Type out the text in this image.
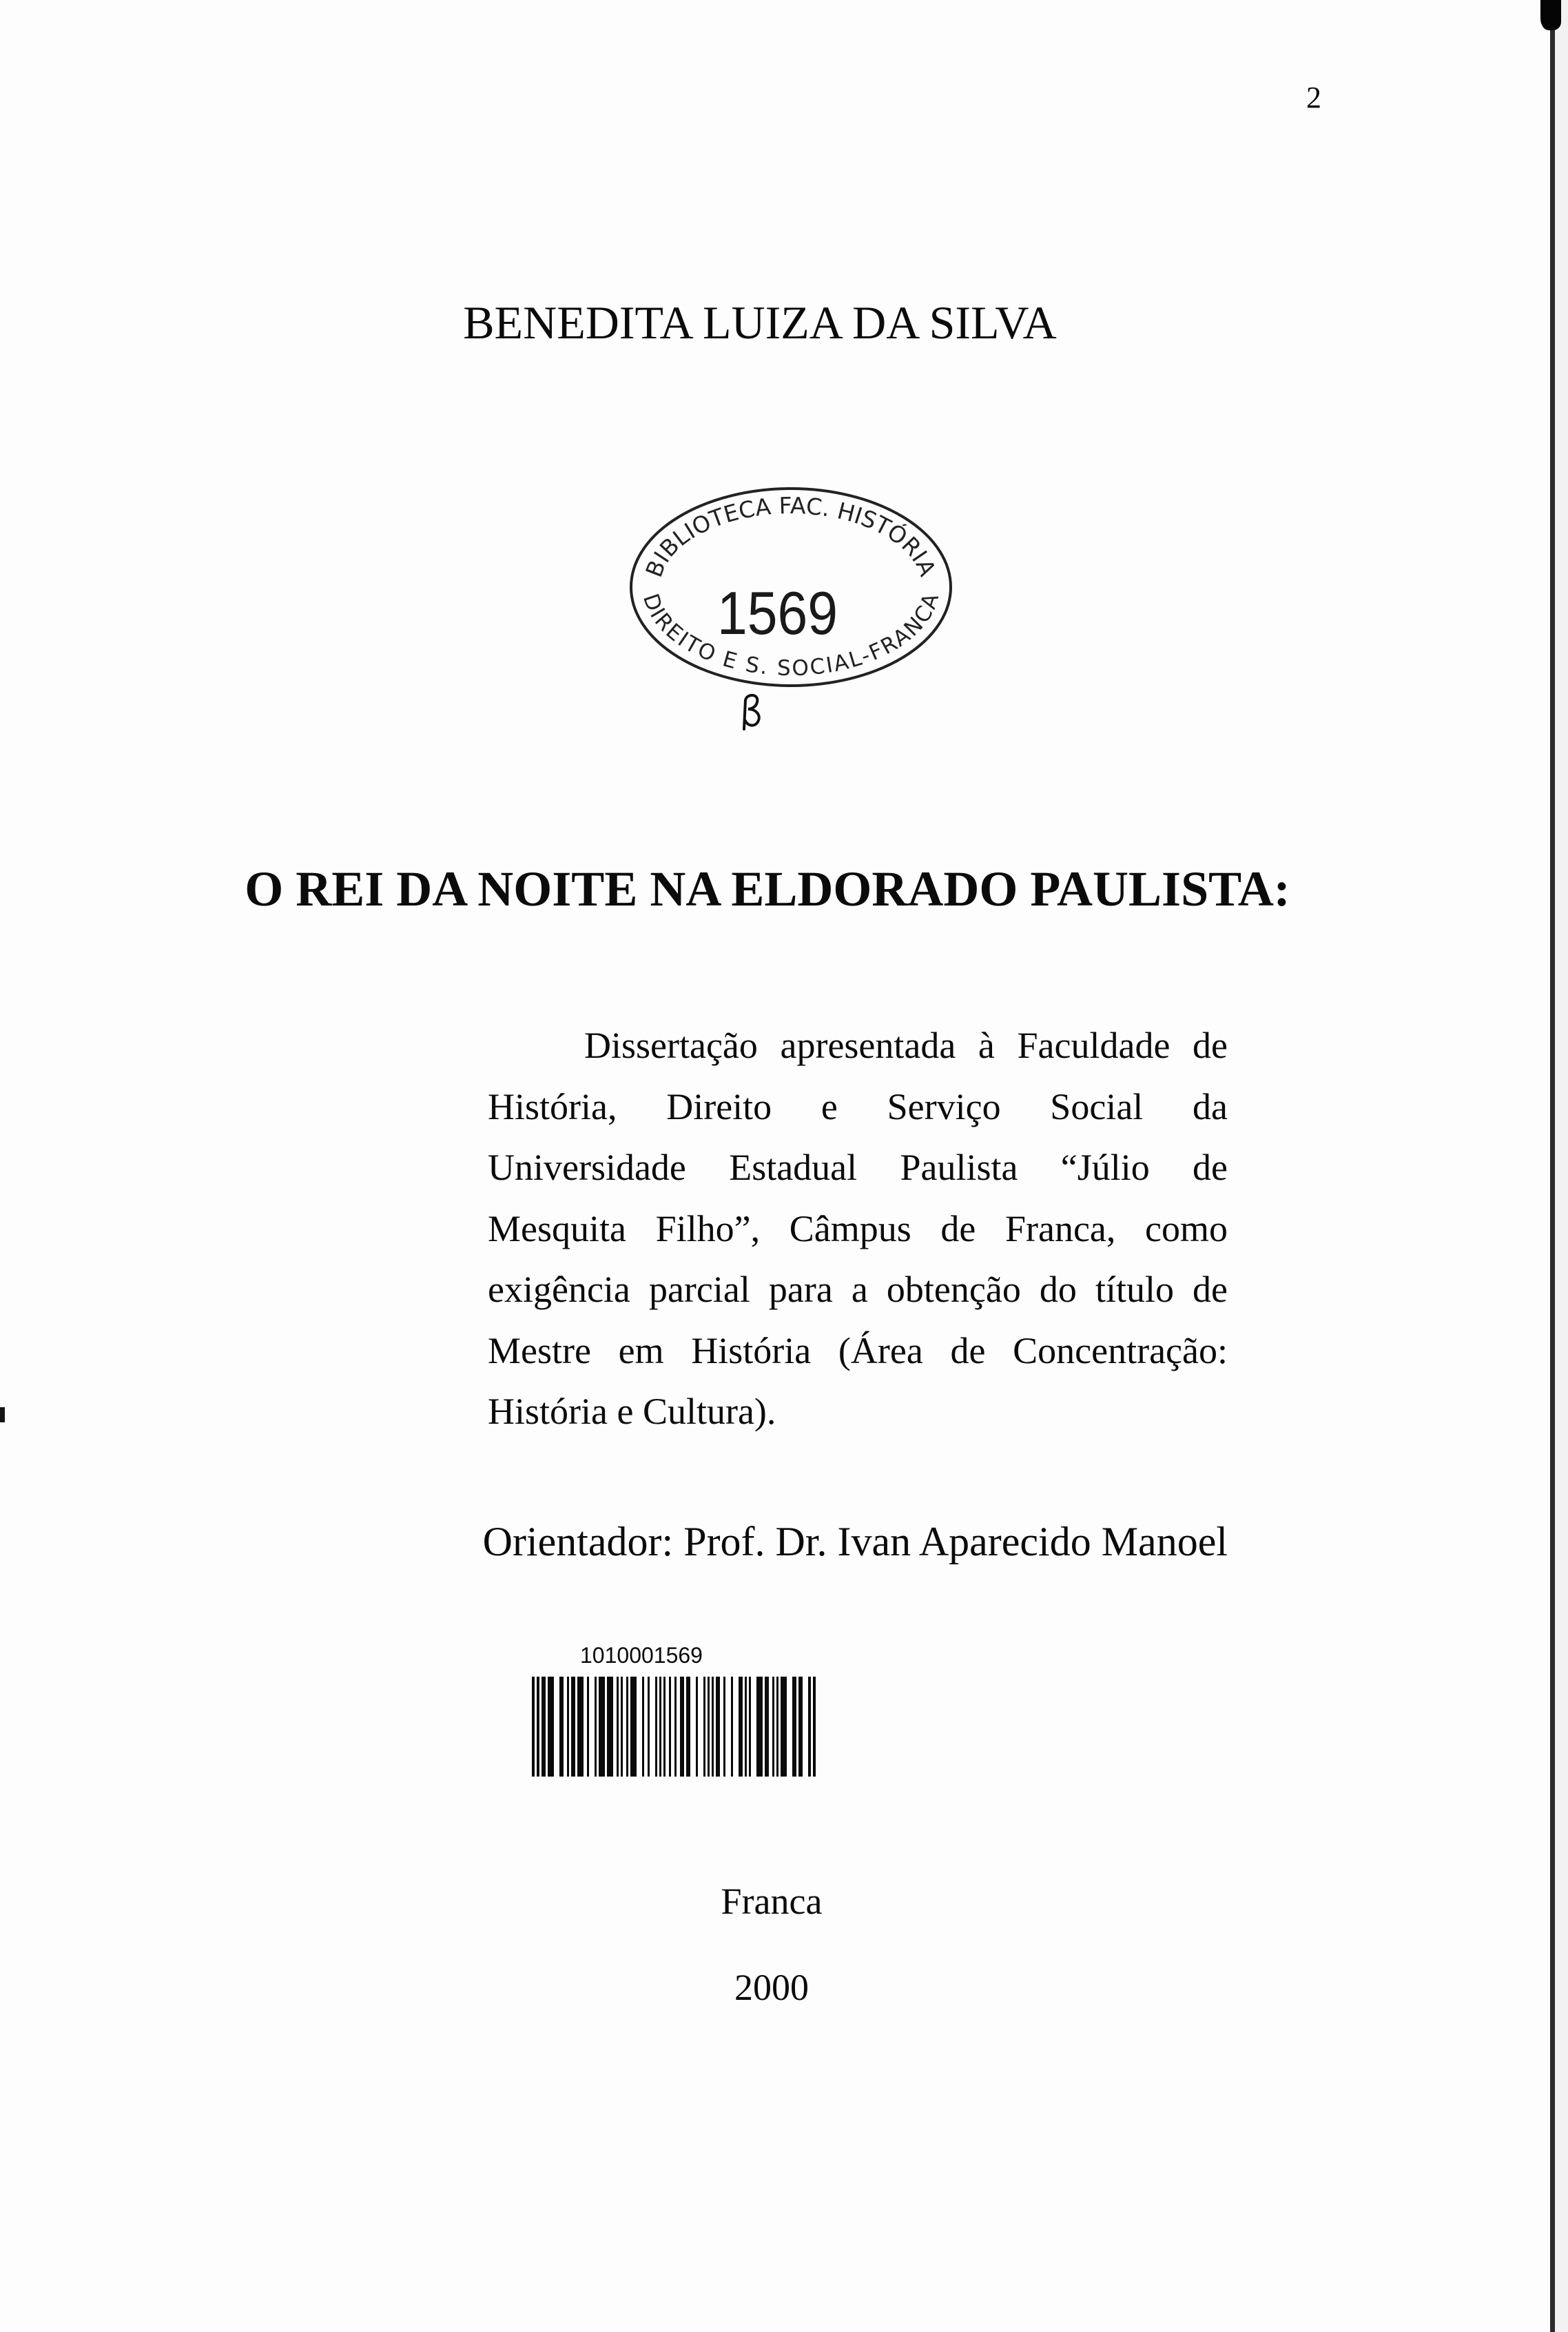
2
BENEDITA LUIZA DA SILVA
BIBLIOTECA FAC. HISTÓRIA
DIREITO E S. SOCIAL-FRANCA
1569
O REI DA NOITE NA ELDORADO PAULISTA:
Dissertação apresentada à Faculdade de
História, Direito e Serviço Social da
Universidade Estadual Paulista “Júlio de
Mesquita Filho”, Câmpus de Franca, como
exigência parcial para a obtenção do título de
Mestre em História (Área de Concentração:
História e Cultura).
Orientador: Prof. Dr. Ivan Aparecido Manoel
1010001569
Franca
2000
